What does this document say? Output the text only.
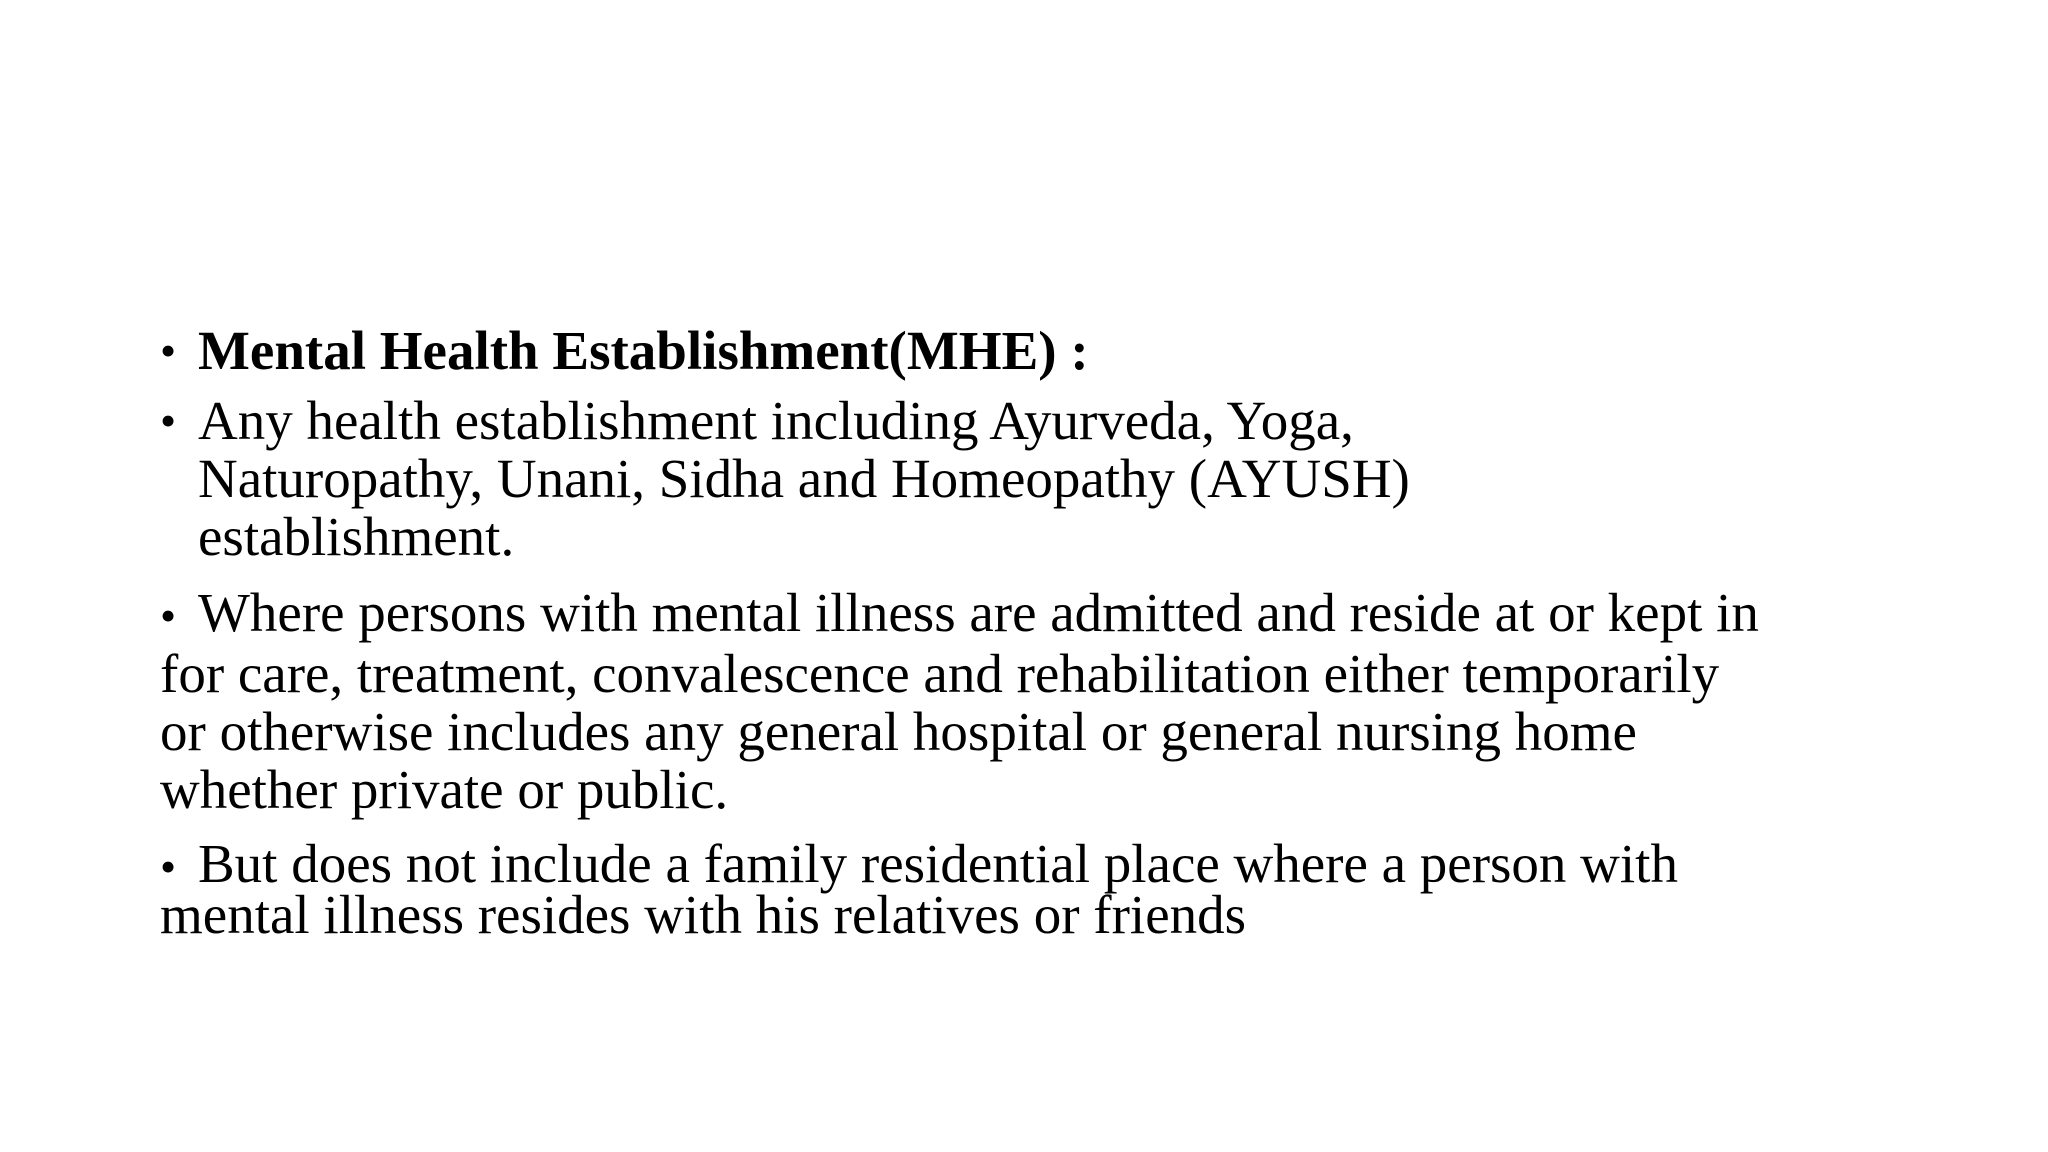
• Mental Health Establishment(MHE) :

• Any health establishment including Ayurveda, Yoga,
Naturopathy, Unani, Sidha and Homeopathy (AYUSH)
establishment.

• Where persons with mental illness are admitted and reside at or kept in
for care, treatment, convalescence and rehabilitation either temporarily
or otherwise includes any general hospital or general nursing home
whether private or public.

• But does not include a family residential place where a person with
mental illness resides with his relatives or friends
